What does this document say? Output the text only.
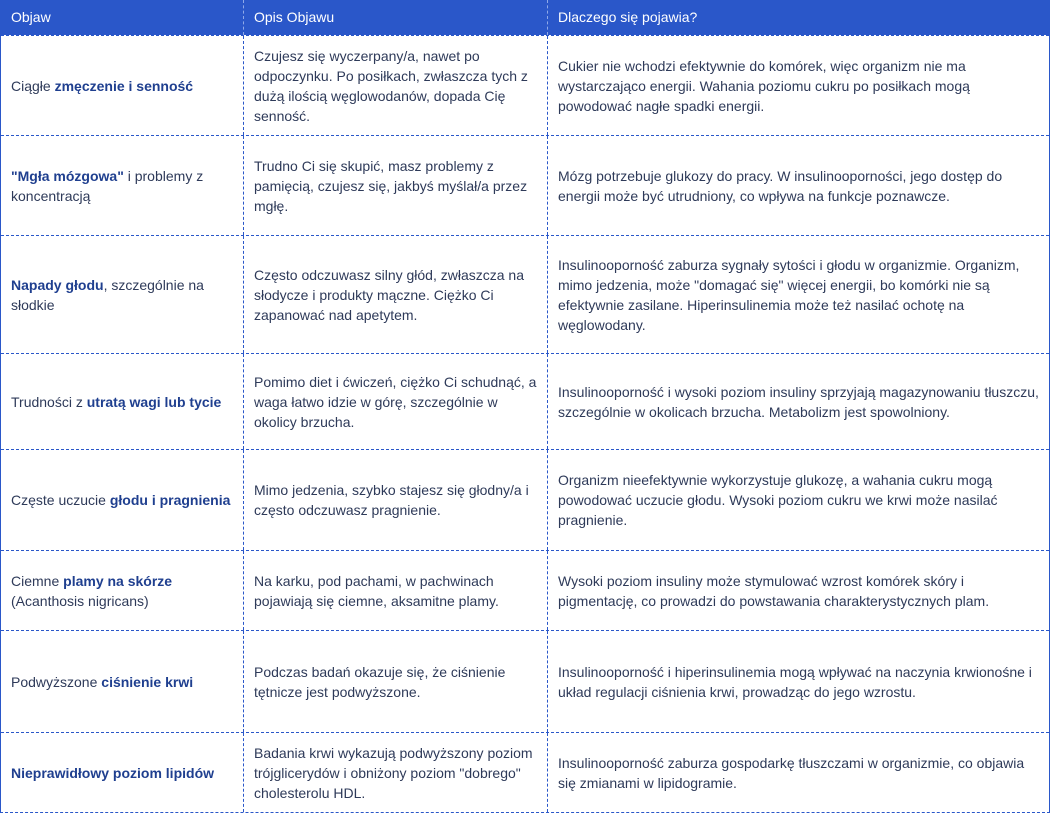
Objaw	Opis Objawu	Dlaczego się pojawia?
Ciągłe zmęczenie i senność
Czujesz się wyczerpany/a, nawet po odpoczynku. Po posiłkach, zwłaszcza tych z dużą ilością węglowodanów, dopada Cię senność.
Cukier nie wchodzi efektywnie do komórek, więc organizm nie ma wystarczająco energii. Wahania poziomu cukru po posiłkach mogą powodować nagłe spadki energii.
"Mgła mózgowa" i problemy z koncentracją
Trudno Ci się skupić, masz problemy z pamięcią, czujesz się, jakbyś myślał/a przez mgłę.
Mózg potrzebuje glukozy do pracy. W insulinooporności, jego dostęp do energii może być utrudniony, co wpływa na funkcje poznawcze.
Napady głodu, szczególnie na słodkie
Często odczuwasz silny głód, zwłaszcza na słodycze i produkty mączne. Ciężko Ci zapanować nad apetytem.
Insulinooporność zaburza sygnały sytości i głodu w organizmie. Organizm, mimo jedzenia, może "domagać się" więcej energii, bo komórki nie są efektywnie zasilane. Hiperinsulinemia może też nasilać ochotę na węglowodany.
Trudności z utratą wagi lub tycie
Pomimo diet i ćwiczeń, ciężko Ci schudnąć, a waga łatwo idzie w górę, szczególnie w okolicy brzucha.
Insulinooporność i wysoki poziom insuliny sprzyjają magazynowaniu tłuszczu, szczególnie w okolicach brzucha. Metabolizm jest spowolniony.
Częste uczucie głodu i pragnienia
Mimo jedzenia, szybko stajesz się głodny/a i często odczuwasz pragnienie.
Organizm nieefektywnie wykorzystuje glukozę, a wahania cukru mogą powodować uczucie głodu. Wysoki poziom cukru we krwi może nasilać pragnienie.
Ciemne plamy na skórze (Acanthosis nigricans)
Na karku, pod pachami, w pachwinach pojawiają się ciemne, aksamitne plamy.
Wysoki poziom insuliny może stymulować wzrost komórek skóry i pigmentację, co prowadzi do powstawania charakterystycznych plam.
Podwyższone ciśnienie krwi
Podczas badań okazuje się, że ciśnienie tętnicze jest podwyższone.
Insulinooporność i hiperinsulinemia mogą wpływać na naczynia krwionośne i układ regulacji ciśnienia krwi, prowadząc do jego wzrostu.
Nieprawidłowy poziom lipidów
Badania krwi wykazują podwyższony poziom trójglicerydów i obniżony poziom "dobrego" cholesterolu HDL.
Insulinooporność zaburza gospodarkę tłuszczami w organizmie, co objawia się zmianami w lipidogramie.
